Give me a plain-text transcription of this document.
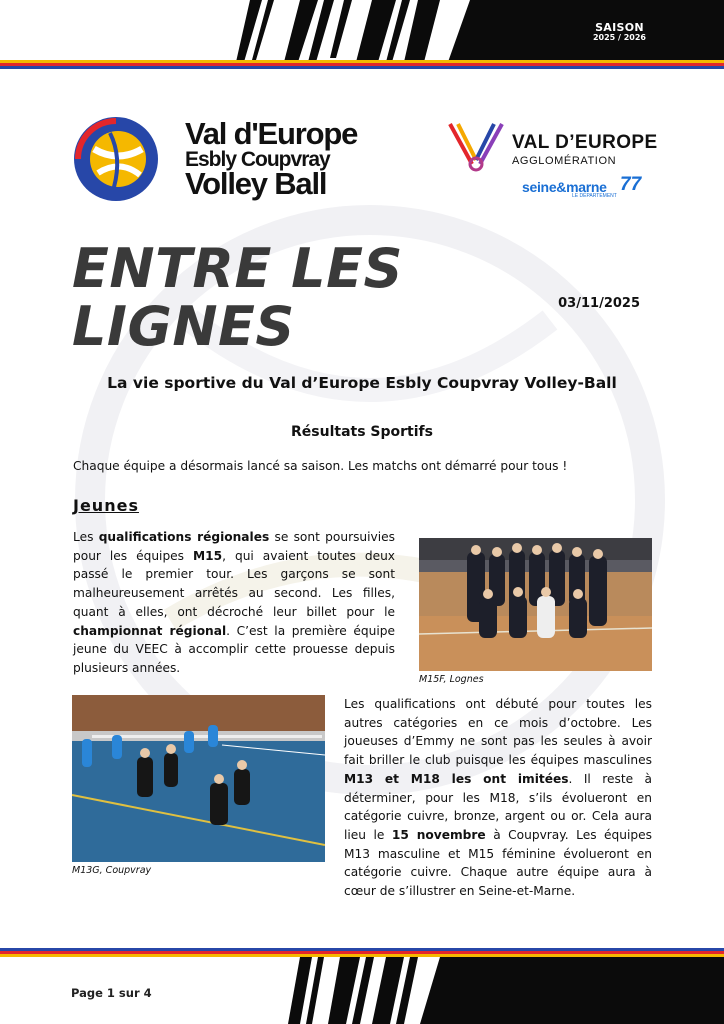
SAISON
2025 / 2026
Val d'Europe
Esbly Coupvray
Volley Ball
VAL D’EUROPE
AGGLOMÉRATION
seine&marne
LE DÉPARTEMENT
77
ENTRE LES
LIGNES	03/11/2025
La vie sportive du Val d’Europe Esbly Coupvray Volley-Ball
Résultats Sportifs

Chaque équipe a désormais lancé sa saison. Les matchs ont démarré pour tous !

Jeunes

Les qualifications régionales se sont poursuivies pour les équipes M15, qui avaient toutes deux passé le premier tour. Les garçons se sont malheureusement arrêtés au second. Les filles, quant à elles, ont décroché leur billet pour le championnat régional. C’est la première équipe jeune du VEEC à accomplir cette prouesse depuis plusieurs années.

M15F, Lognes
M13G, Coupvray

Les qualifications ont débuté pour toutes les autres catégories en ce mois d’octobre. Les joueuses d’Emmy ne sont pas les seules à avoir fait briller le club puisque les équipes masculines M13 et M18 les ont imitées. Il reste à déterminer, pour les M18, s’ils évolueront en catégorie cuivre, bronze, argent ou or. Cela aura lieu le 15 novembre à Coupvray. Les équipes M13 masculine et M15 féminine évolueront en catégorie cuivre. Chaque autre équipe aura à cœur de s’illustrer en Seine-et-Marne.

Page 1 sur 4
